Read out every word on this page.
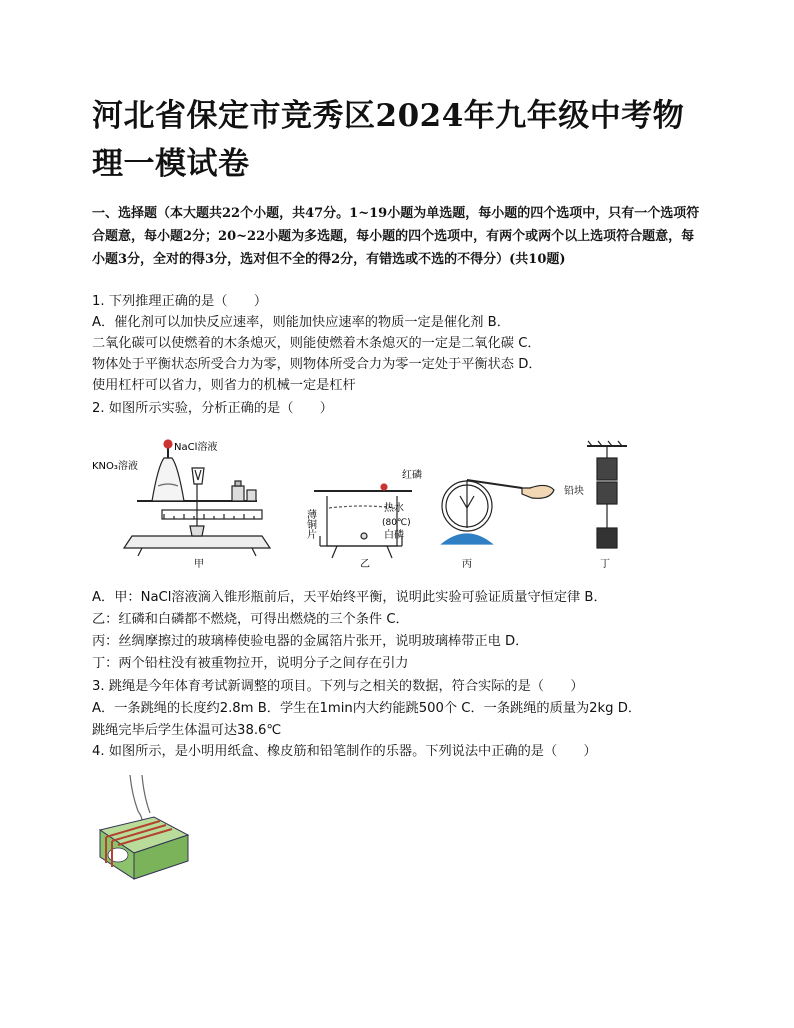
河北省保定市竞秀区2024年九年级中考物理一模试卷
一、选择题（本大题共22个小题，共47分。1~19小题为单选题，每小题的四个选项中，只有一个选项符合题意，每小题2分；20~22小题为多选题，每小题的四个选项中，有两个或两个以上选项符合题意，每小题3分，全对的得3分，选对但不全的得2分，有错选或不选的不得分）(共10题)
1. 下列推理正确的是（　　）
A．催化剂可以加快反应速率，则能加快应速率的物质一定是催化剂 B．
二氧化碳可以使燃着的木条熄灭，则能使燃着木条熄灭的一定是二氧化碳 C．
物体处于平衡状态所受合力为零，则物体所受合力为零一定处于平衡状态 D．
使用杠杆可以省力，则省力的机械一定是杠杆
2. 如图所示实验，分析正确的是（　　）
KNO₃溶液
NaCl溶液
甲
红磷
薄铜片
热水
(80℃)
白磷
乙	丙
铅块
丁
A．甲：NaCl溶液滴入锥形瓶前后，天平始终平衡，说明此实验可验证质量守恒定律 B．
乙：红磷和白磷都不燃烧，可得出燃烧的三个条件 C．
丙：丝绸摩擦过的玻璃棒使验电器的金属箔片张开，说明玻璃棒带正电 D．
丁：两个铅柱没有被重物拉开，说明分子之间存在引力
3. 跳绳是今年体育考试新调整的项目。下列与之相关的数据，符合实际的是（　　）
A．一条跳绳的长度约2.8m B．学生在1min内大约能跳500个 C．一条跳绳的质量为2kg D．
跳绳完毕后学生体温可达38.6℃
4. 如图所示，是小明用纸盒、橡皮筋和铅笔制作的乐器。下列说法中正确的是（　　）
